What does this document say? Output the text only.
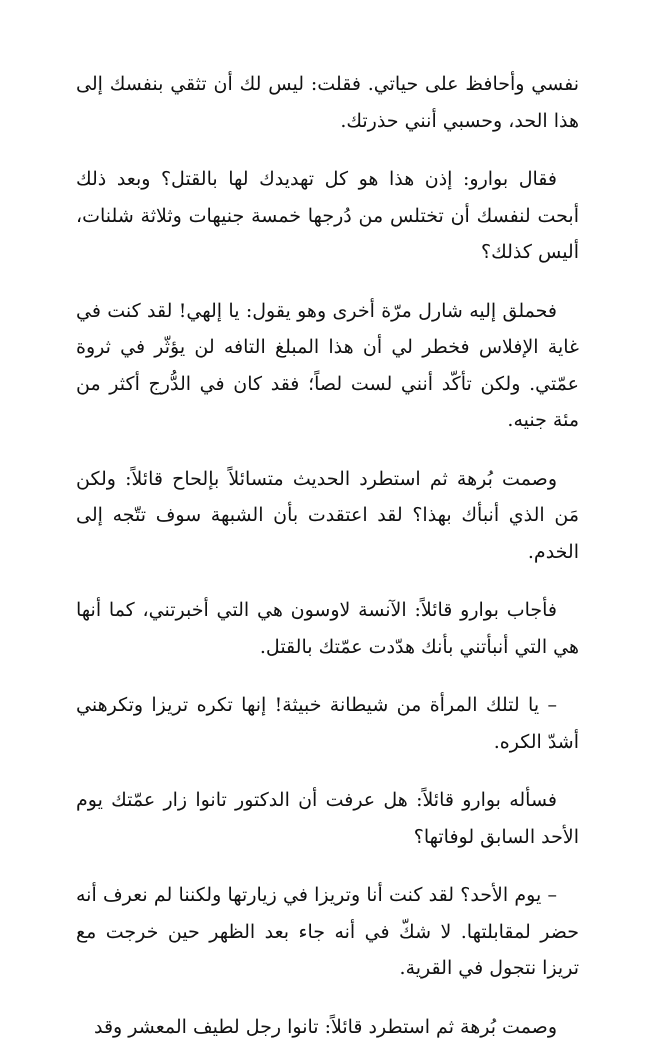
نفسي وأحافظ على حياتي. فقلت: ليس لك أن تثقي بنفسك إلى هذا الحد، وحسبي أنني حذرتك.

فقال بوارو: إذن هذا هو كل تهديدك لها بالقتل؟ وبعد ذلك أبحت لنفسك أن تختلس من دُرجها خمسة جنيهات وثلاثة شلنات، أليس كذلك؟

فحملق إليه شارل مرّة أخرى وهو يقول: يا إلهي! لقد كنت في غاية الإفلاس فخطر لي أن هذا المبلغ التافه لن يؤثّر في ثروة عمّتي. ولكن تأكّد أنني لست لصاً؛ فقد كان في الدُّرج أكثر من مئة جنيه.

وصمت بُرهة ثم استطرد الحديث متسائلاً بإلحاح قائلاً: ولكن مَن الذي أنبأك بهذا؟ لقد اعتقدت بأن الشبهة سوف تتّجه إلى الخدم.

فأجاب بوارو قائلاً: الآنسة لاوسون هي التي أخبرتني، كما أنها هي التي أنبأتني بأنك هدّدت عمّتك بالقتل.

– يا لتلك المرأة من شيطانة خبيثة! إنها تكره تريزا وتكرهني أشدّ الكره.

فسأله بوارو قائلاً: هل عرفت أن الدكتور تانوا زار عمّتك يوم الأحد السابق لوفاتها؟

– يوم الأحد؟ لقد كنت أنا وتريزا في زيارتها ولكننا لم نعرف أنه حضر لمقابلتها. لا شكّ في أنه جاء بعد الظهر حين خرجت مع تريزا نتجول في القرية.

وصمت بُرهة ثم استطرد قائلاً: تانوا رجل لطيف المعشر وقد
